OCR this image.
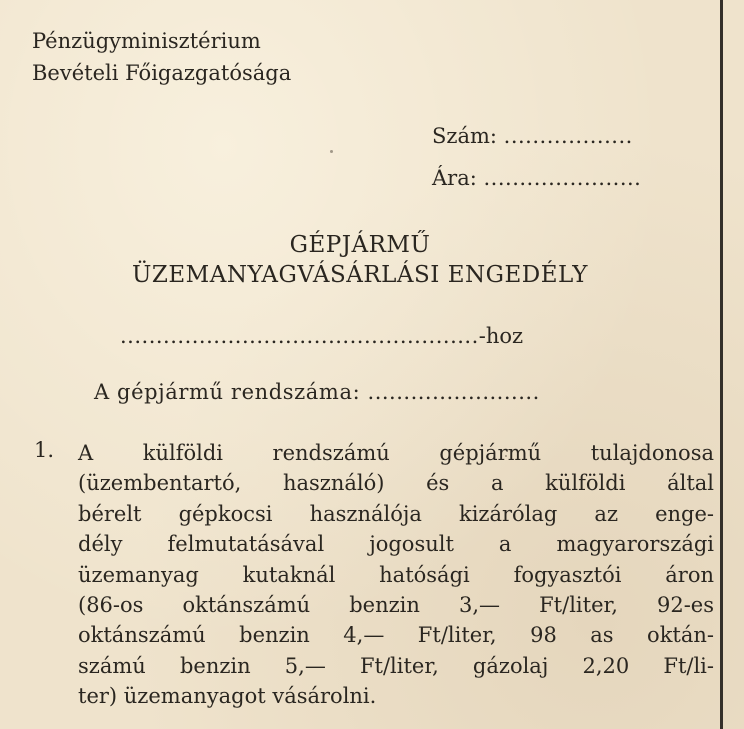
Pénzügyminisztérium
Bevételi Főigazgatósága
Szám: ..................
Ára: ......................
GÉPJÁRMŰ
ÜZEMANYAGVÁSÁRLÁSI ENGEDÉLY
..................................................-hoz
A gépjármű rendszáma: ........................
1. A külföldi rendszámú gépjármű tulajdonosa
(üzembentartó, használó) és a külföldi által
bérelt gépkocsi használója kizárólag az enge-
dély felmutatásával jogosult a magyarországi
üzemanyag kutaknál hatósági fogyasztói áron
(86-os oktánszámú benzin 3,— Ft/liter, 92-es
oktánszámú benzin 4,— Ft/liter, 98 as oktán-
számú benzin 5,— Ft/liter, gázolaj 2,20 Ft/li-
ter) üzemanyagot vásárolni.
